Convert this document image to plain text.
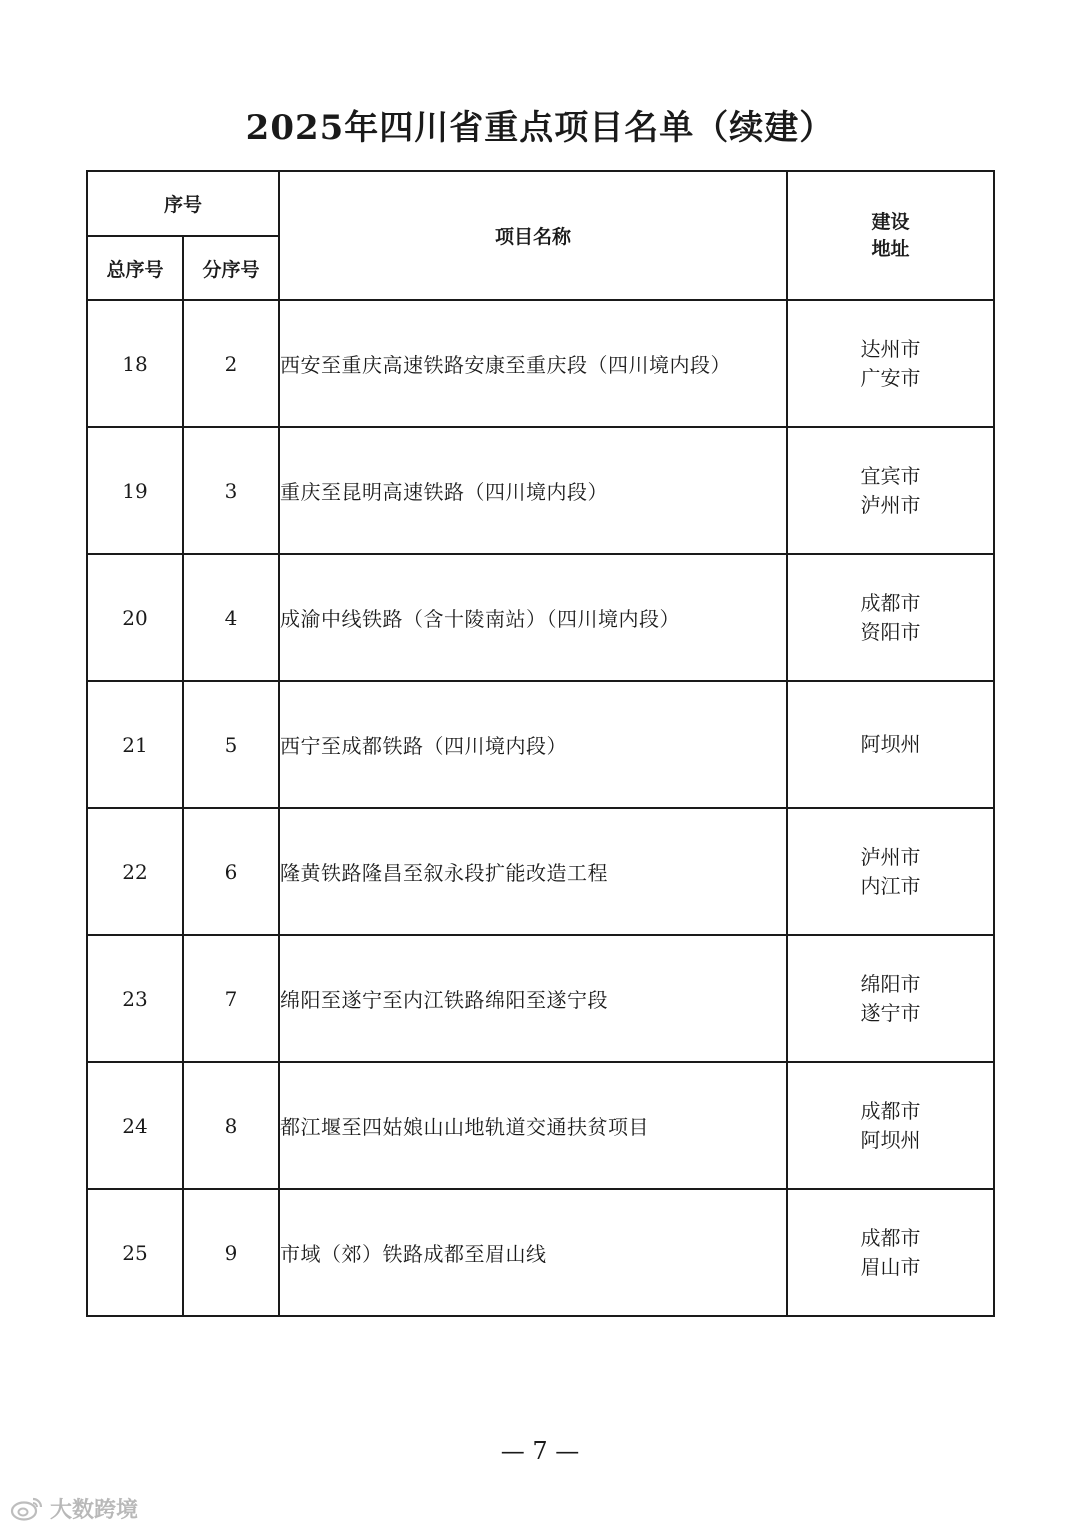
2025年四川省重点项目名单（续建）
序号		项目名称	建设
地址

总序号	分序号		
18	2	西安至重庆高速铁路安康至重庆段（四川境内段）	达州市
广安市

19	3	重庆至昆明高速铁路（四川境内段）	宜宾市
泸州市

20	4	成渝中线铁路（含十陵南站）（四川境内段）	成都市
资阳市

21	5	西宁至成都铁路（四川境内段）	阿坝州

22	6	隆黄铁路隆昌至叙永段扩能改造工程	泸州市
内江市

23	7	绵阳至遂宁至内江铁路绵阳至遂宁段	绵阳市
遂宁市

24	8	都江堰至四姑娘山山地轨道交通扶贫项目	成都市
阿坝州

25	9	市域（郊）铁路成都至眉山线	成都市
眉山市
— 7 —
大数跨境
